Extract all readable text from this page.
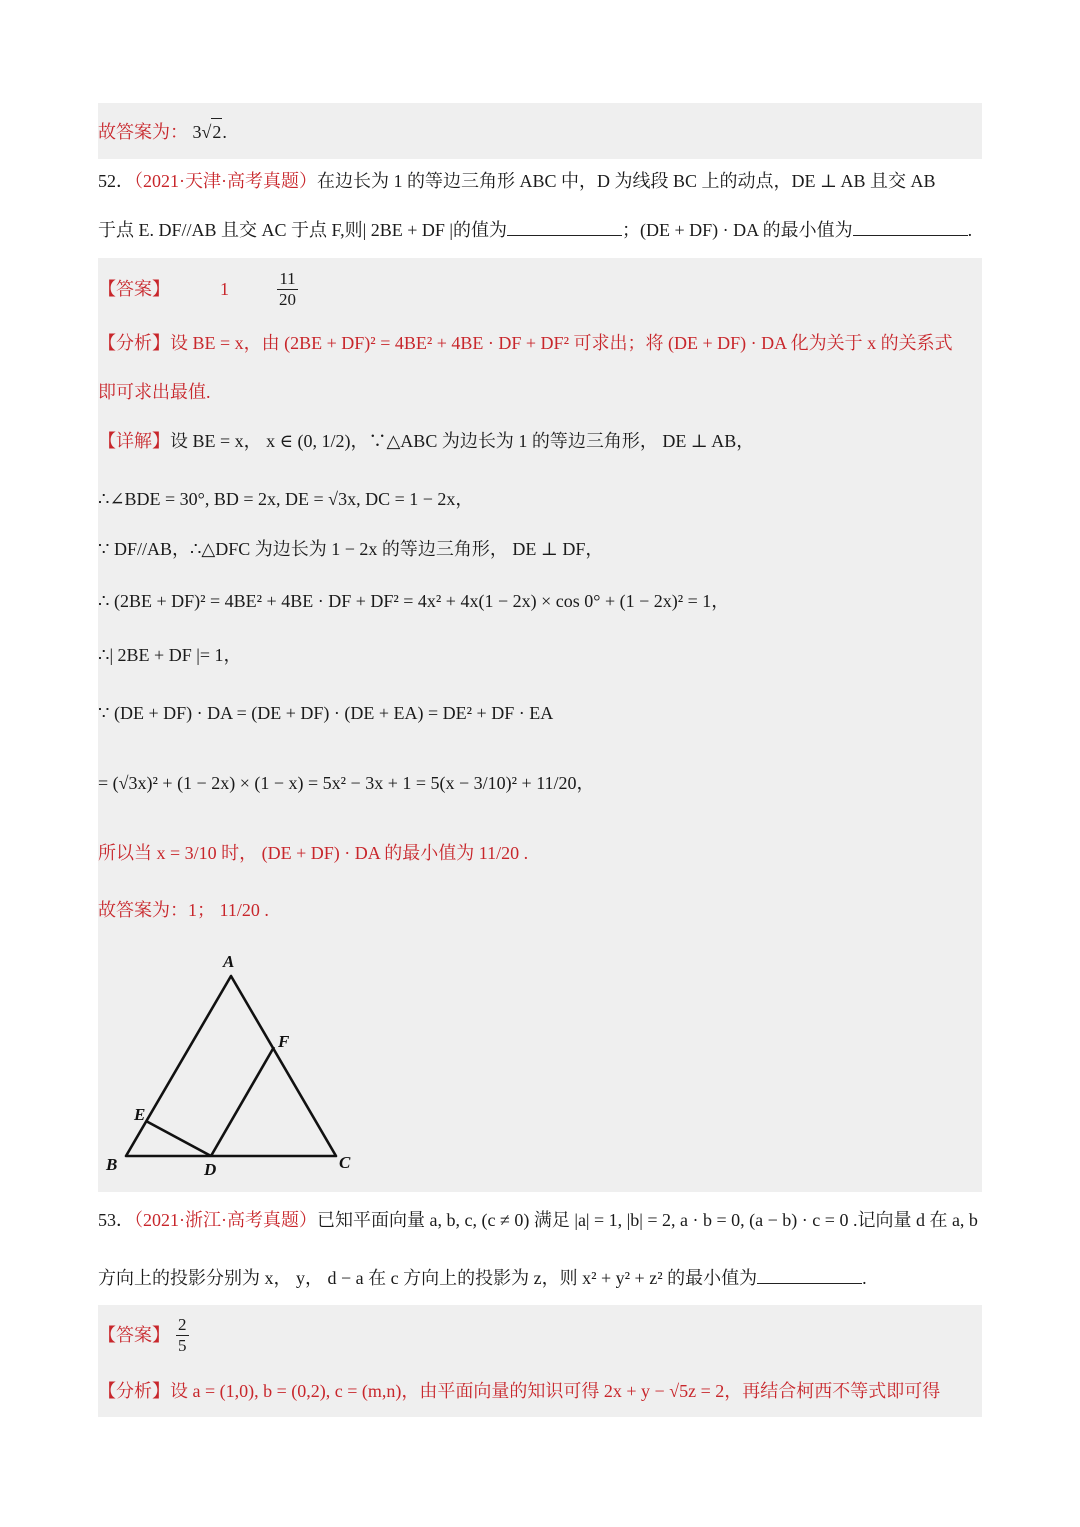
故答案为： 3√2.
52．（2021·天津·高考真题）在边长为 1 的等边三角形 ABC 中，D 为线段 BC 上的动点，DE ⊥ AB 且交 AB
于点 E. DF//AB 且交 AC 于点 F,则| 2BE + DF |的值为	；(DE + DF) · DA 的最小值为	.
【答案】	1	$\frac{11}{20}$
【分析】设 BE = x，由 (2BE + DF)² = 4BE² + 4BE · DF + DF² 可求出；将 (DE + DF) · DA 化为关于 x 的关系式
即可求出最值.
【详解】设 BE = x， x ∈ (0, 1/2)，∵△ABC 为边长为 1 的等边三角形， DE ⊥ AB，
∴∠BDE = 30°, BD = 2x, DE = √3x, DC = 1 − 2x，
∵ DF//AB，∴△DFC 为边长为 1 − 2x 的等边三角形， DE ⊥ DF，
∴ (2BE + DF)² = 4BE² + 4BE · DF + DF² = 4x² + 4x(1 − 2x) × cos 0° + (1 − 2x)² = 1，
∴| 2BE + DF |= 1，
∵ (DE + DF) · DA = (DE + DF) · (DE + EA) = DE² + DF · EA
= (√3x)² + (1 − 2x) × (1 − x) = 5x² − 3x + 1 = 5(x − 3/10)² + 11/20，
所以当 x = 3/10 时， (DE + DF) · DA 的最小值为 11/20 .
故答案为：1； 11/20 .
A
F
E
B	D	C
53．（2021·浙江·高考真题）已知平面向量 a, b, c, (c ≠ 0) 满足 |a| = 1, |b| = 2, a · b = 0, (a − b) · c = 0 .记向量 d 在 a, b
方向上的投影分别为 x， y， d − a 在 c 方向上的投影为 z，则 x² + y² + z² 的最小值为	.
【答案】 $\frac{2}{5}$
【分析】设 a = (1,0), b = (0,2), c = (m,n)，由平面向量的知识可得 2x + y − √5z = 2，再结合柯西不等式即可得
